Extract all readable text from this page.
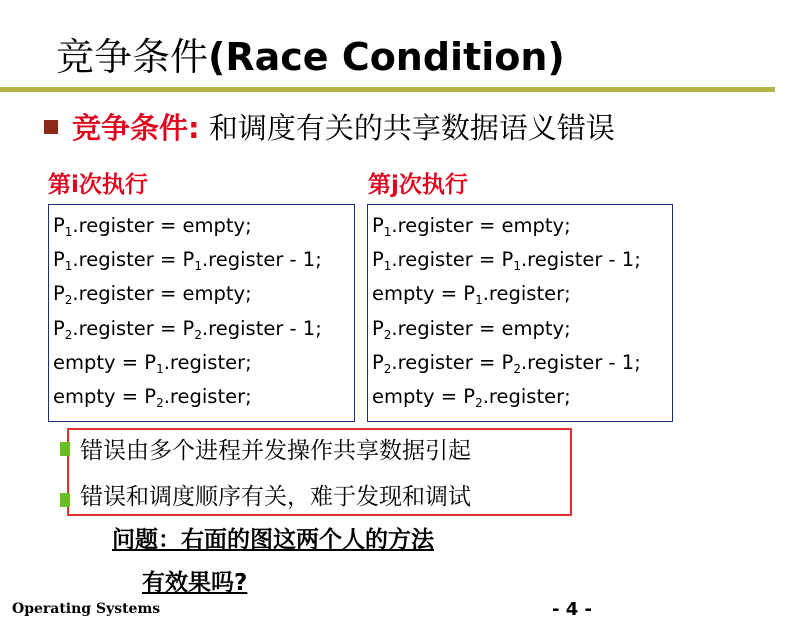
竞争条件(Race Condition)
竞争条件: 和调度有关的共享数据语义错误
第i次执行	第j次执行
$P_1.register$ = empty;
$P_1.register$ = $P_1.register - 1$;
$P_2.register$ = empty;
$P_2.register$ = $P_2.register - 1$;
empty = $P_1.register$;
empty = $P_2.register$;
$P_1.register$ = empty;
$P_1.register$ = $P_1.register - 1$;
empty = $P_1.register$;
$P_2.register$ = empty;
$P_2.register$ = $P_2.register - 1$;
empty = $P_2.register$;
错误由多个进程并发操作共享数据引起
错误和调度顺序有关，难于发现和调试
问题：右面的图这两个人的方法
有效果吗?
Operating Systems	- 4 -
